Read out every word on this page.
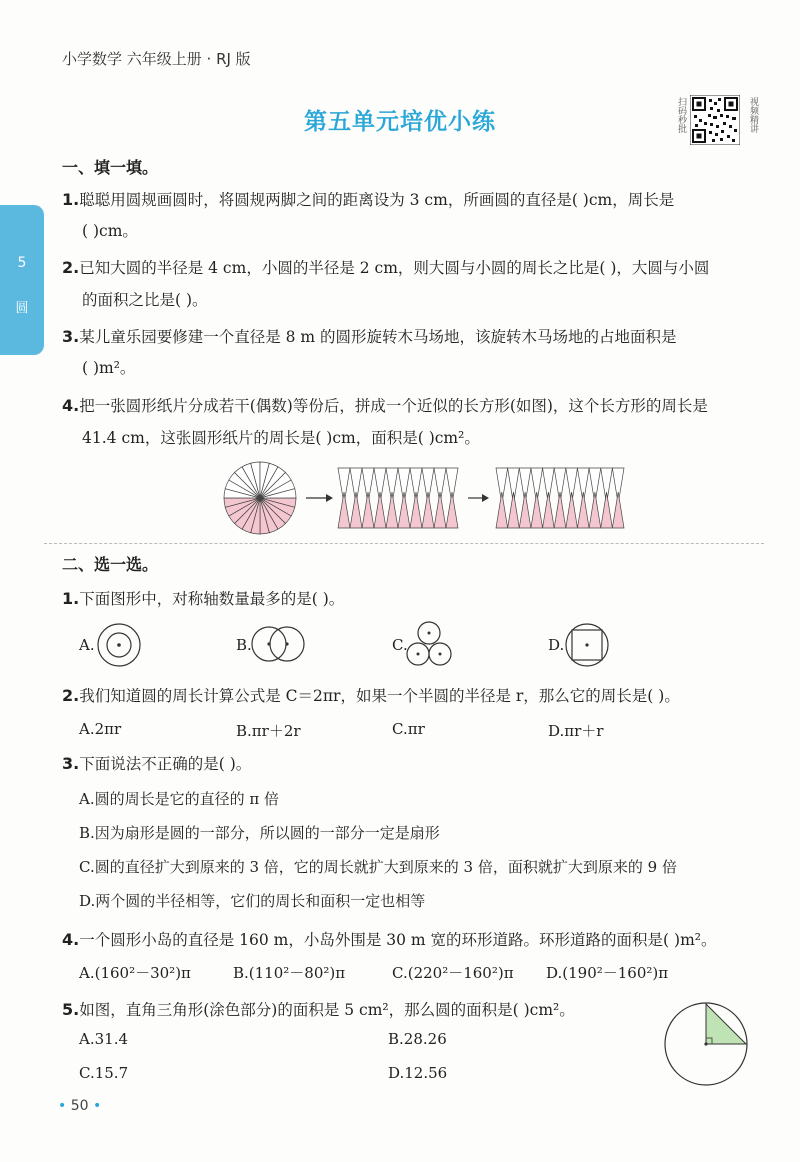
小学数学 六年级上册 · RJ 版
第五单元培优小练	扫码秒批	视频精讲
5
圆
一、填一填。
1.聪聪用圆规画圆时，将圆规两脚之间的距离设为 3 cm，所画圆的直径是( )cm，周长是
( )cm。
2.已知大圆的半径是 4 cm，小圆的半径是 2 cm，则大圆与小圆的周长之比是( )，大圆与小圆
的面积之比是( )。
3.某儿童乐园要修建一个直径是 8 m 的圆形旋转木马场地，该旋转木马场地的占地面积是
( )m²。
4.把一张圆形纸片分成若干(偶数)等份后，拼成一个近似的长方形(如图)，这个长方形的周长是
41.4 cm，这张圆形纸片的周长是( )cm，面积是( )cm²。
二、选一选。
1.下面图形中，对称轴数量最多的是( )。
A.	B.	C.	D.
2.我们知道圆的周长计算公式是 C＝2πr，如果一个半圆的半径是 r，那么它的周长是( )。
A.2πr	B.πr＋2r	C.πr	D.πr＋r
3.下面说法不正确的是( )。
A.圆的周长是它的直径的 π 倍
B.因为扇形是圆的一部分，所以圆的一部分一定是扇形
C.圆的直径扩大到原来的 3 倍，它的周长就扩大到原来的 3 倍，面积就扩大到原来的 9 倍
D.两个圆的半径相等，它们的周长和面积一定也相等
4.一个圆形小岛的直径是 160 m，小岛外围是 30 m 宽的环形道路。环形道路的面积是( )m²。
A.(160²－30²)π	B.(110²－80²)π	C.(220²－160²)π D.(190²－160²)π
5.如图，直角三角形(涂色部分)的面积是 5 cm²，那么圆的面积是( )cm²。
A.31.4	B.28.26
C.15.7	D.12.56
• 50 •
